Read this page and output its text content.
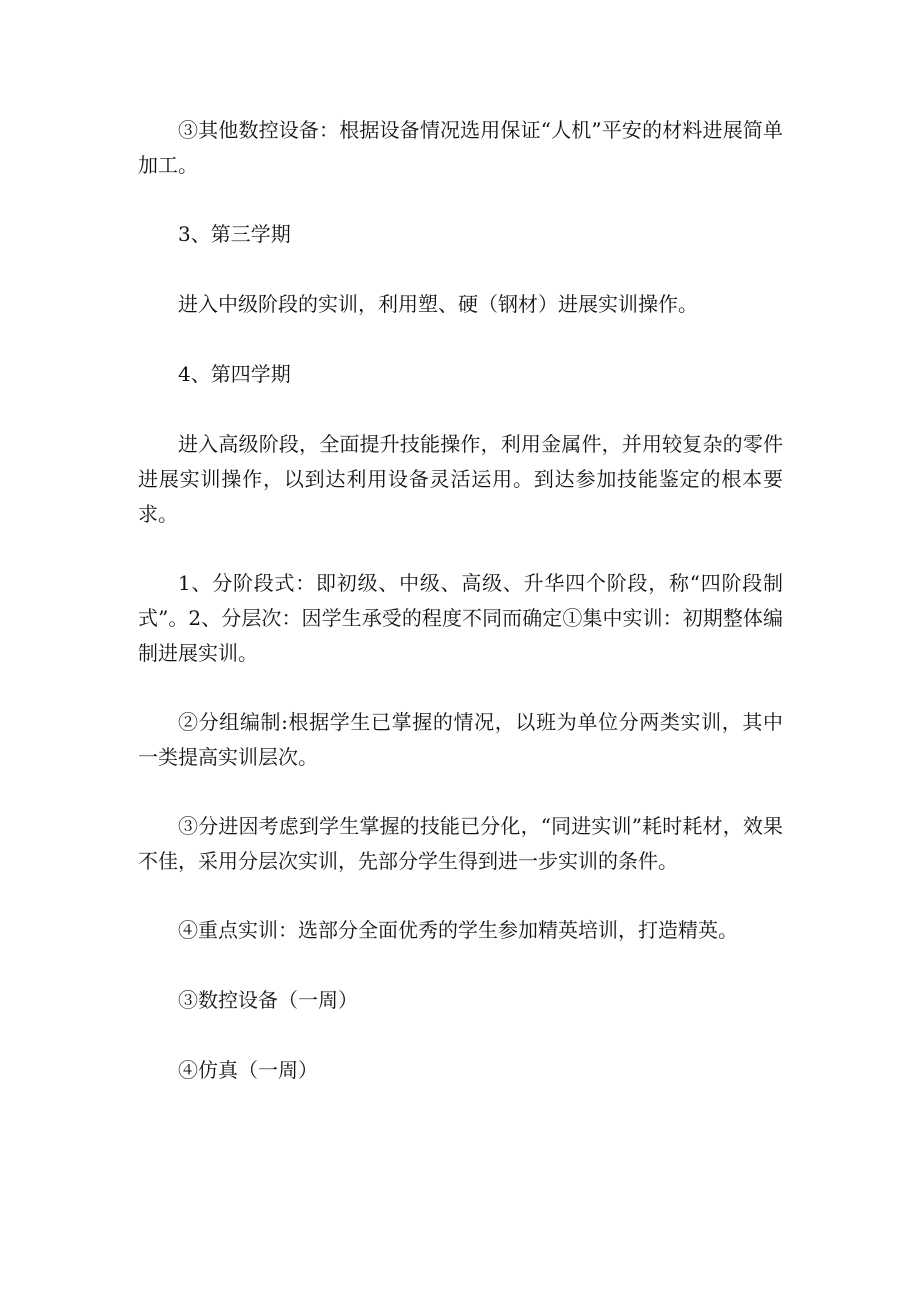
③其他数控设备：根据设备情况选用保证“人机”平安的材料进展简单加工。

3、第三学期

进入中级阶段的实训，利用塑、硬（钢材）进展实训操作。

4、第四学期

进入高级阶段，全面提升技能操作，利用金属件，并用较复杂的零件进展实训操作，以到达利用设备灵活运用。到达参加技能鉴定的根本要求。

1、分阶段式：即初级、中级、高级、升华四个阶段，称“四阶段制式”。2、分层次：因学生承受的程度不同而确定①集中实训：初期整体编制进展实训。

②分组编制:根据学生已掌握的情况，以班为单位分两类实训，其中一类提高实训层次。

③分进因考虑到学生掌握的技能已分化，“同进实训”耗时耗材，效果不佳，采用分层次实训，先部分学生得到进一步实训的条件。

④重点实训：选部分全面优秀的学生参加精英培训，打造精英。

③数控设备（一周）

④仿真（一周）
